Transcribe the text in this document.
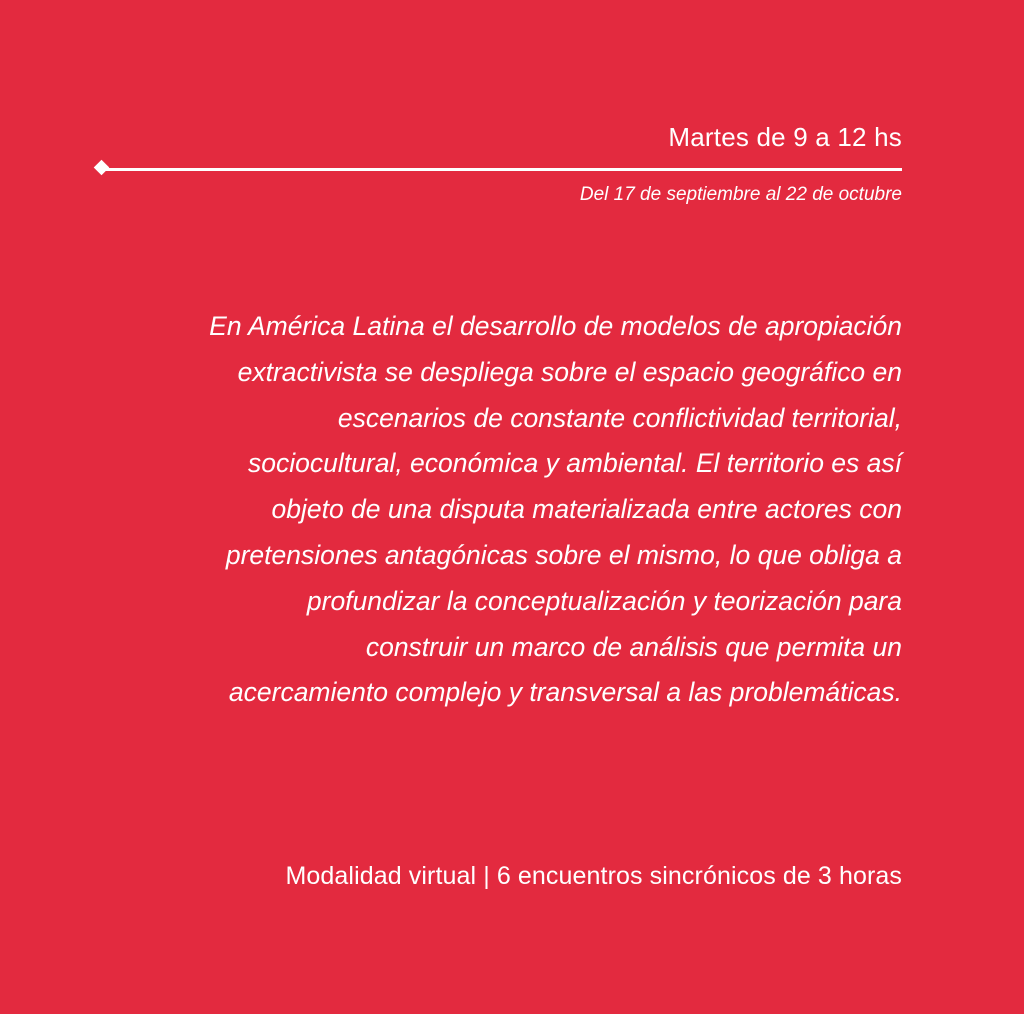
Martes de 9 a 12 hs
Del 17 de septiembre al 22 de octubre

En América Latina el desarrollo de modelos de apropiación
extractivista se despliega sobre el espacio geográfico en
escenarios de constante conflictividad territorial,
sociocultural, económica y ambiental. El territorio es así
objeto de una disputa materializada entre actores con
pretensiones antagónicas sobre el mismo, lo que obliga a
profundizar la conceptualización y teorización para
construir un marco de análisis que permita un
acercamiento complejo y transversal a las problemáticas.

Modalidad virtual | 6 encuentros sincrónicos de 3 horas
